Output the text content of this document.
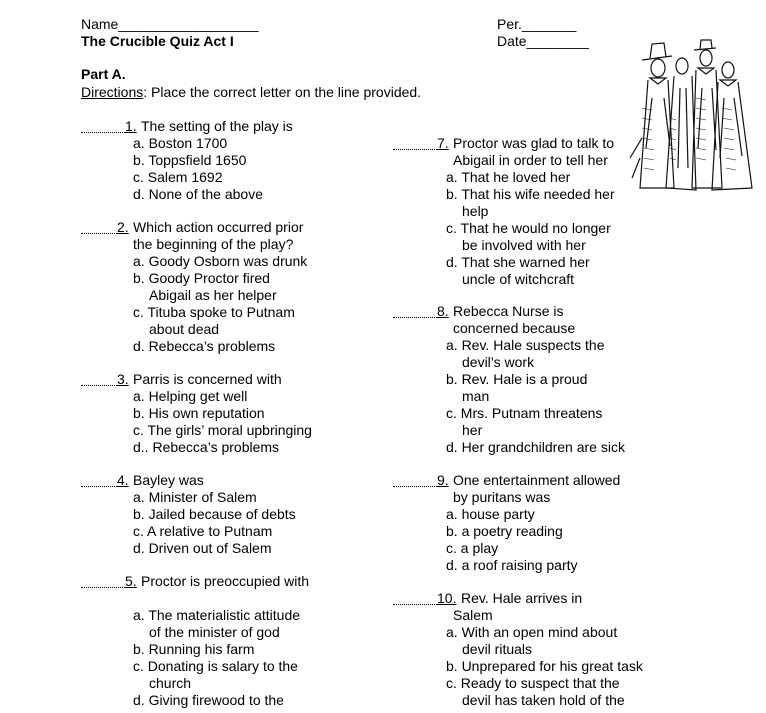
Name__________________	Per._______
The Crucible Quiz Act I	Date________
Part A.
Directions: Place the correct letter on the line provided.
1. The setting of the play is
a. Boston 1700
b. Toppsfield 1650
c. Salem 1692
d. None of the above
2. Which action occurred prior
the beginning of the play?
a. Goody Osborn was drunk
b. Goody Proctor fired
Abigail as her helper
c. Tituba spoke to Putnam
about dead
d. Rebecca’s problems
3. Parris is concerned with
a. Helping get well
b. His own reputation
c. The girls’ moral upbringing
d.. Rebecca’s problems
4. Bayley was
a. Minister of Salem
b. Jailed because of debts
c. A relative to Putnam
d. Driven out of Salem
5. Proctor is preoccupied with
a. The materialistic attitude
of the minister of god
b. Running his farm
c. Donating is salary to the
church
d. Giving firewood to the
7. Proctor was glad to talk to
Abigail in order to tell her
a. That he loved her
b. That his wife needed her
help
c. That he would no longer
be involved with her
d. That she warned her
uncle of witchcraft
8. Rebecca Nurse is
concerned because
a. Rev. Hale suspects the
devil’s work
b. Rev. Hale is a proud
man
c. Mrs. Putnam threatens
her
d. Her grandchildren are sick
9. One entertainment allowed
by puritans was
a. house party
b. a poetry reading
c. a play
d. a roof raising party
10. Rev. Hale arrives in
Salem
a. With an open mind about
devil rituals
b. Unprepared for his great task
c. Ready to suspect that the
devil has taken hold of the
